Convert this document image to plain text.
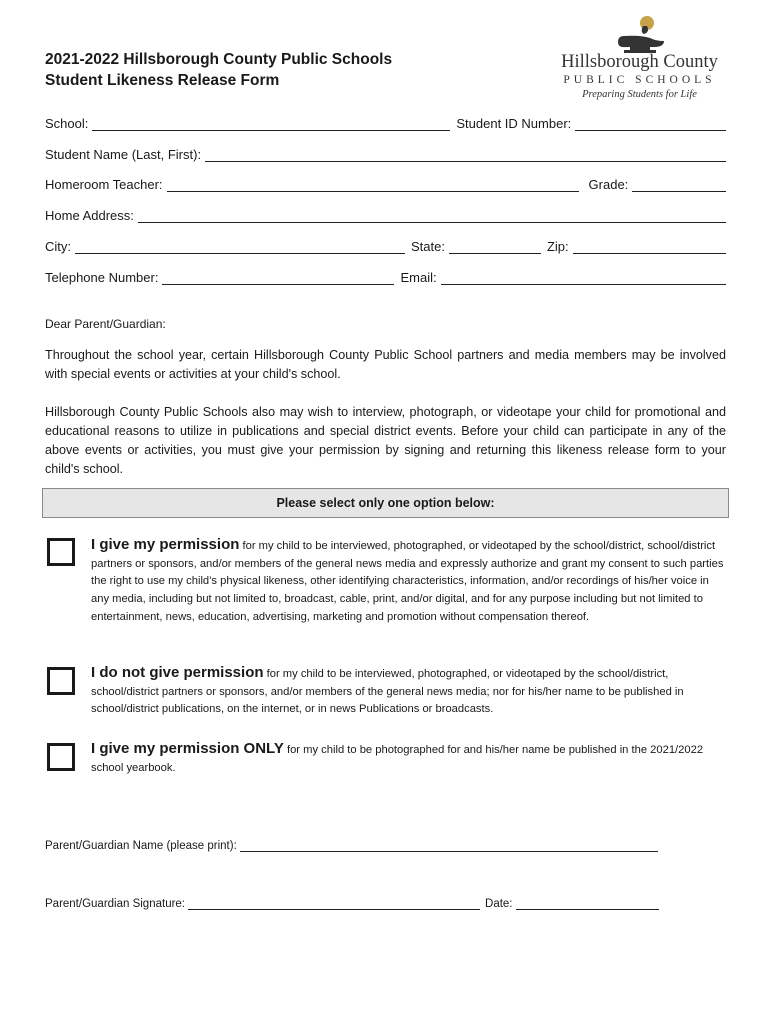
2021-2022 Hillsborough County Public Schools
Student Likeness Release Form
Hillsborough County
PUBLIC SCHOOLS
Preparing Students for Life
School:	Student ID Number:
Student Name (Last, First):
Homeroom Teacher:	Grade:
Home Address:
City:	State:	Zip:
Telephone Number:	Email:
Dear Parent/Guardian:
Throughout the school year, certain Hillsborough County Public School partners and media members may be involved with special events or activities at your child's school.
Hillsborough County Public Schools also may wish to interview, photograph, or videotape your child for promotional and educational reasons to utilize in publications and special district events. Before your child can participate in any of the above events or activities, you must give your permission by signing and returning this likeness release form to your child's school.
Please select only one option below:
I give my permission for my child to be interviewed, photographed, or videotaped by the school/district, school/district partners or sponsors, and/or members of the general news media and expressly authorize and grant my consent to such parties the right to use my child’s physical likeness, other identifying characteristics, information, and/or recordings of his/her voice in any media, including but not limited to, broadcast, cable, print, and/or digital, and for any purpose including but not limited to entertainment, news, education, advertising, marketing and promotion without compensation thereof.
I do not give permission for my child to be interviewed, photographed, or videotaped by the school/district, school/district partners or sponsors, and/or members of the general news media; nor for his/her name to be published in school/district publications, on the internet, or in news Publications or broadcasts.
I give my permission ONLY for my child to be photographed for and his/her name be published in the 2021/2022 school yearbook.
Parent/Guardian Name (please print):
Parent/Guardian Signature:	Date:
